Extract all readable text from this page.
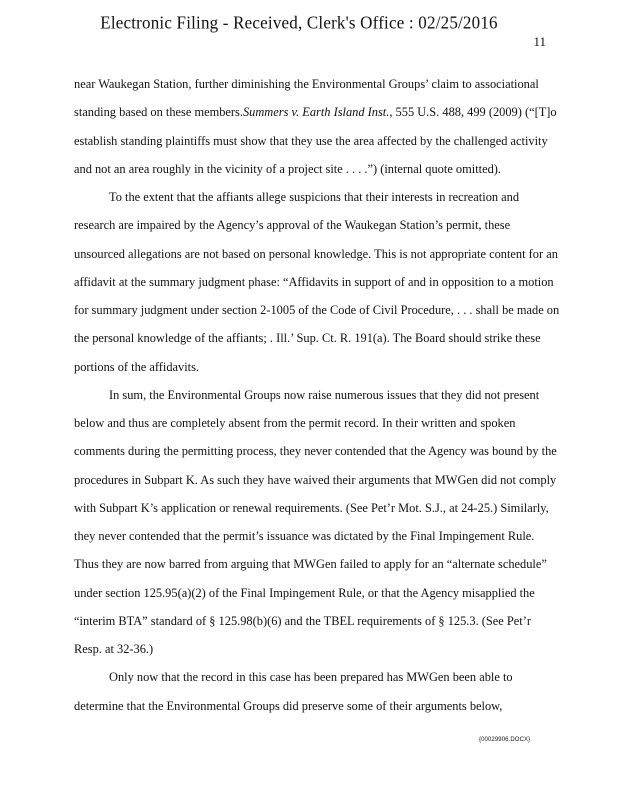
Electronic Filing - Received, Clerk's Office : 02/25/2016
11

near Waukegan Station, further diminishing the Environmental Groups’ claim to associational standing based on these members.Summers v. Earth Island Inst., 555 U.S. 488, 499 (2009) (“[T]o establish standing plaintiffs must show that they use the area affected by the challenged activity and not an area roughly in the vicinity of a project site . . . .”) (internal quote omitted).

To the extent that the affiants allege suspicions that their interests in recreation and research are impaired by the Agency’s approval of the Waukegan Station’s permit, these unsourced allegations are not based on personal knowledge. This is not appropriate content for an affidavit at the summary judgment phase: “Affidavits in support of and in opposition to a motion for summary judgment under section 2-1005 of the Code of Civil Procedure, . . . shall be made on the personal knowledge of the affiants; . Ill.’ Sup. Ct. R. 191(a). The Board should strike these portions of the affidavits.

In sum, the Environmental Groups now raise numerous issues that they did not present below and thus are completely absent from the permit record. In their written and spoken comments during the permitting process, they never contended that the Agency was bound by the procedures in Subpart K. As such they have waived their arguments that MWGen did not comply with Subpart K’s application or renewal requirements. (See Pet’r Mot. S.J., at 24-25.) Similarly, they never contended that the permit’s issuance was dictated by the Final Impingement Rule. Thus they are now barred from arguing that MWGen failed to apply for an “alternate schedule” under section 125.95(a)(2) of the Final Impingement Rule, or that the Agency misapplied the “interim BTA” standard of § 125.98(b)(6) and the TBEL requirements of § 125.3. (See Pet’r Resp. at 32-36.)

Only now that the record in this case has been prepared has MWGen been able to determine that the Environmental Groups did preserve some of their arguments below,

{00029906.DOCX}
